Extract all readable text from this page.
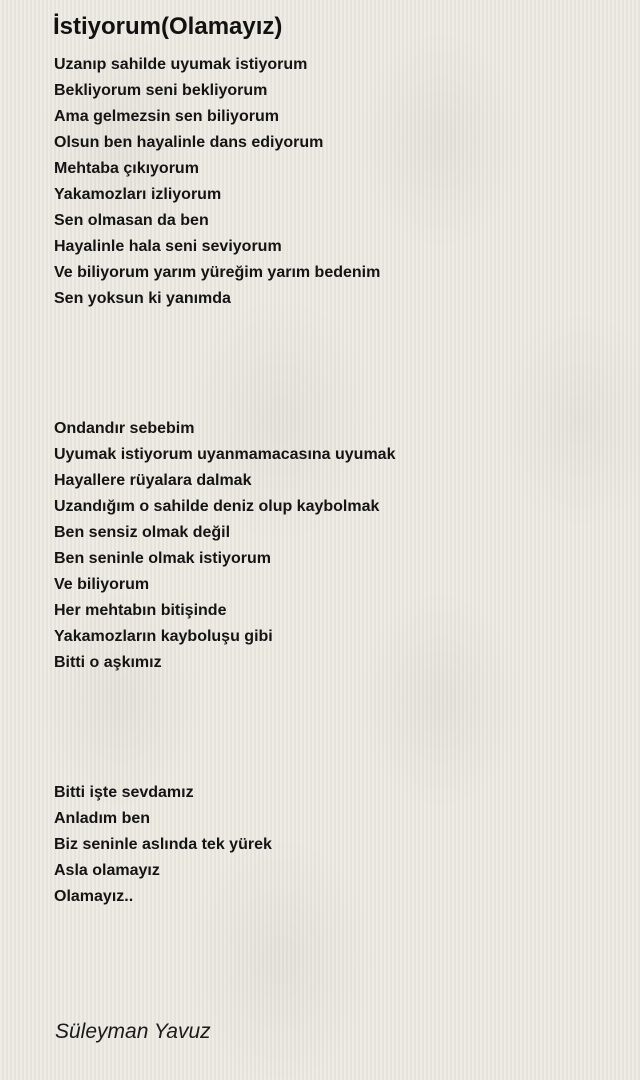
İstiyorum(Olamayız)
Uzanıp sahilde uyumak istiyorum
Bekliyorum seni bekliyorum
Ama gelmezsin sen biliyorum
Olsun ben hayalinle dans ediyorum
Mehtaba çıkıyorum
Yakamozları izliyorum
Sen olmasan da ben
Hayalinle hala seni seviyorum
Ve biliyorum yarım yüreğim yarım bedenim
Sen yoksun ki yanımda
Ondandır sebebim
Uyumak istiyorum uyanmamacasına uyumak
Hayallere rüyalara dalmak
Uzandığım o sahilde deniz olup kaybolmak
Ben sensiz olmak değil
Ben seninle olmak istiyorum
Ve biliyorum
Her mehtabın bitişinde
Yakamozların kayboluşu gibi
Bitti o aşkımız
Bitti işte sevdamız
Anladım ben
Biz seninle aslında tek yürek
Asla olamayız
Olamayız..
Süleyman Yavuz
